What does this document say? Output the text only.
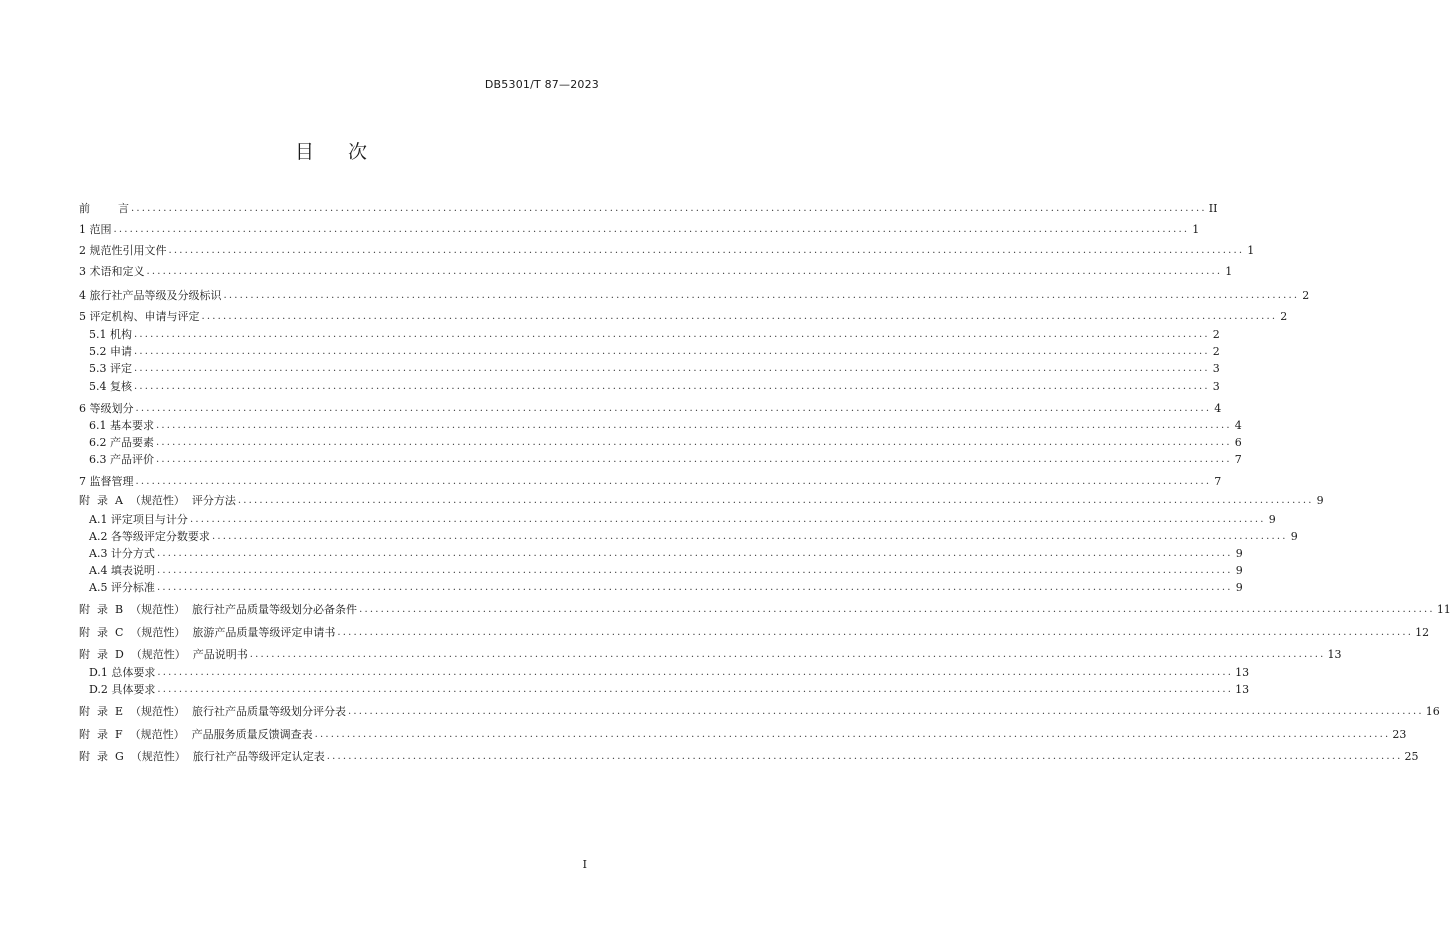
DB5301/T 87—2023
目 次
前        言 ........................................................................................................................................................................................................ II
1 范围 ........................................................................................................................................................................................................ 1
2 规范性引用文件 ........................................................................................................................................................................................................ 1
3 术语和定义 ........................................................................................................................................................................................................ 1
4 旅行社产品等级及分级标识 ........................................................................................................................................................................................................ 2
5 评定机构、申请与评定 ........................................................................................................................................................................................................ 2
5.1 机构 ........................................................................................................................................................................................................ 2
5.2 申请 ........................................................................................................................................................................................................ 2
5.3 评定 ........................................................................................................................................................................................................ 3
5.4 复核 ........................................................................................................................................................................................................ 3
6 等级划分 ........................................................................................................................................................................................................ 4
6.1 基本要求 ........................................................................................................................................................................................................ 4
6.2 产品要素 ........................................................................................................................................................................................................ 6
6.3 产品评价 ........................................................................................................................................................................................................ 7
7 监督管理 ........................................................................................................................................................................................................ 7
附  录  A  （规范性）  评分方法 ........................................................................................................................................................................................................ 9
A.1 评定项目与计分 ........................................................................................................................................................................................................ 9
A.2 各等级评定分数要求 ........................................................................................................................................................................................................ 9
A.3 计分方式 ........................................................................................................................................................................................................ 9
A.4 填表说明 ........................................................................................................................................................................................................ 9
A.5 评分标准 ........................................................................................................................................................................................................ 9
附  录  B  （规范性）  旅行社产品质量等级划分必备条件 ........................................................................................................................................................................................................ 11
附  录  C  （规范性）  旅游产品质量等级评定申请书 ........................................................................................................................................................................................................ 12
附  录  D  （规范性）  产品说明书 ........................................................................................................................................................................................................ 13
D.1 总体要求 ........................................................................................................................................................................................................ 13
D.2 具体要求 ........................................................................................................................................................................................................ 13
附  录  E  （规范性）  旅行社产品质量等级划分评分表 ........................................................................................................................................................................................................ 16
附  录  F  （规范性）  产品服务质量反馈调查表 ........................................................................................................................................................................................................ 23
附  录  G  （规范性）  旅行社产品等级评定认定表 ........................................................................................................................................................................................................ 25
I
